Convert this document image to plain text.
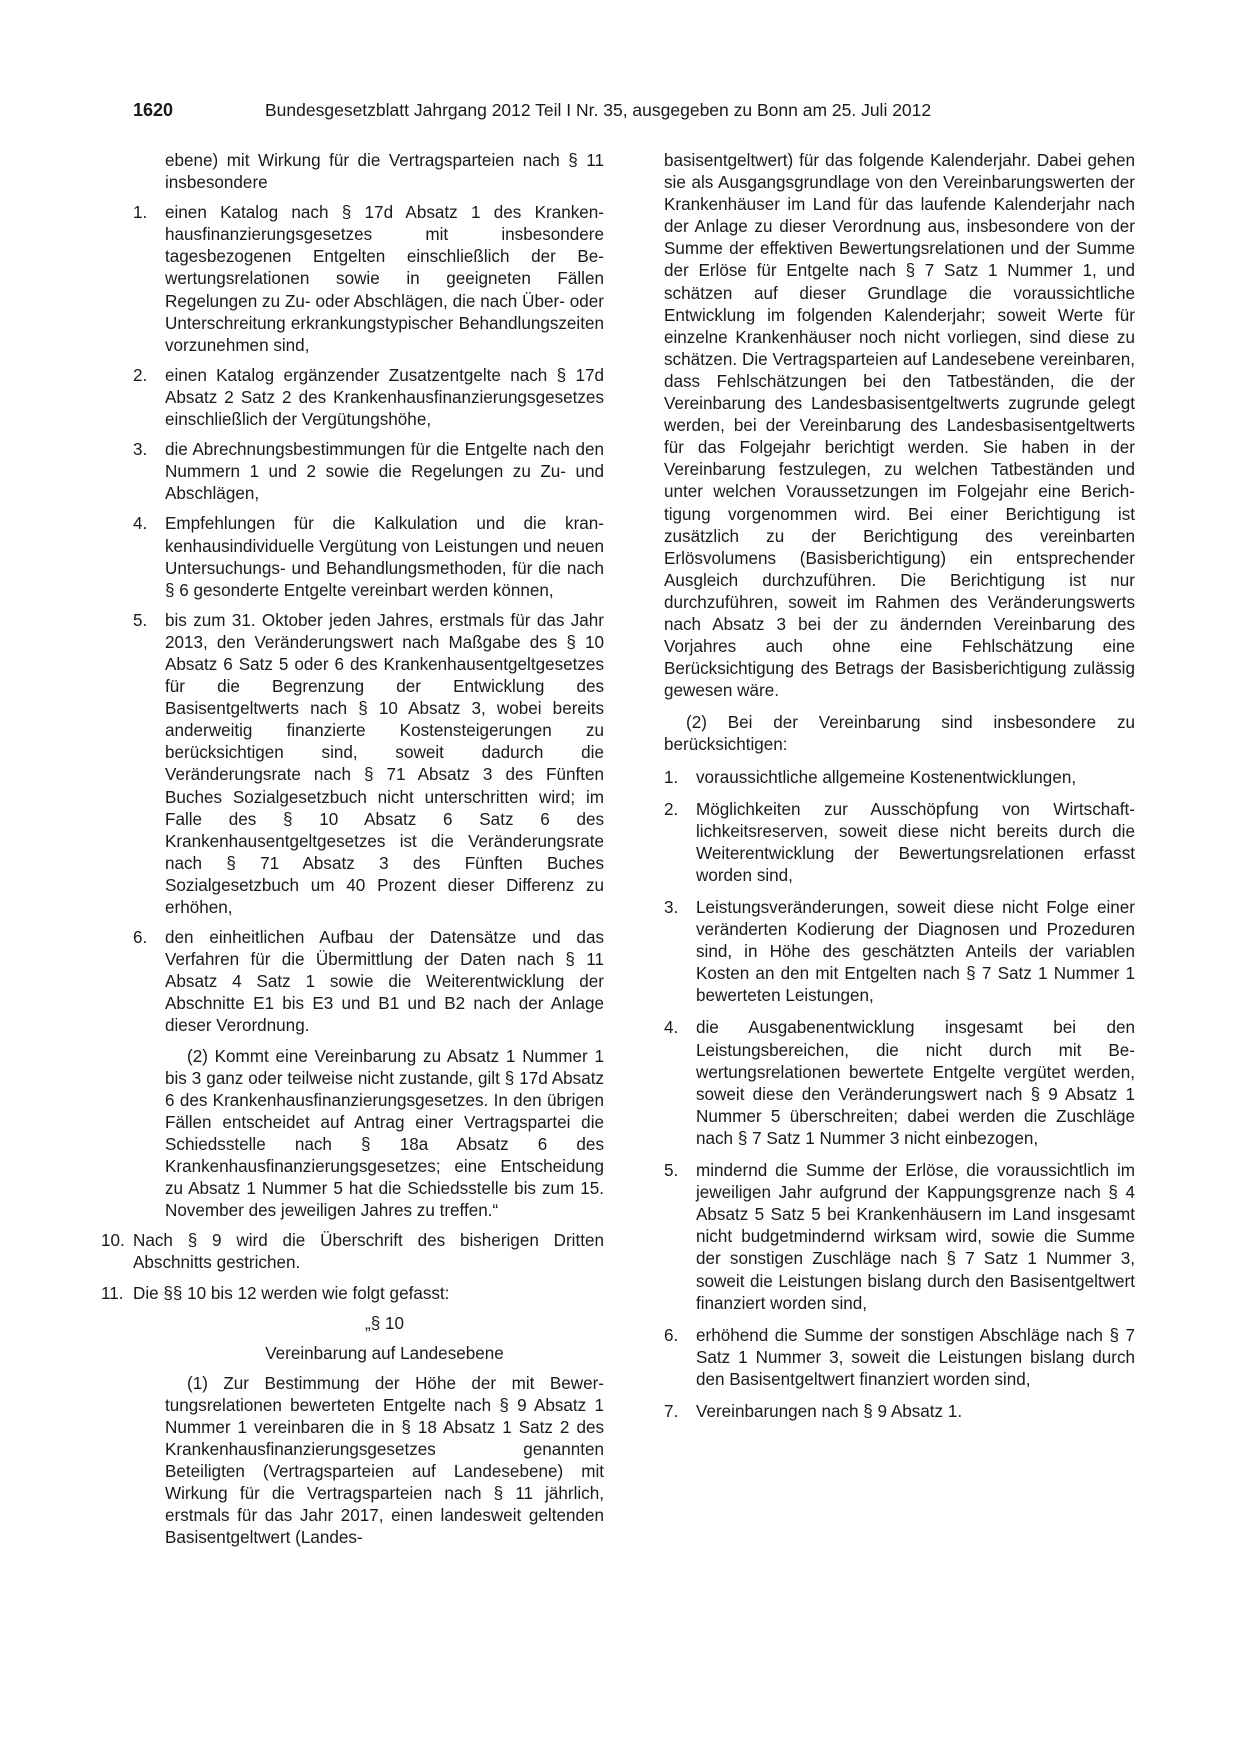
1620	Bundesgesetzblatt Jahrgang 2012 Teil I Nr. 35, ausgegeben zu Bonn am 25. Juli 2012

ebene) mit Wirkung für die Vertragsparteien nach § 11 insbesondere

1. einen Katalog nach § 17d Absatz 1 des Krankenhausfinanzierungsgesetzes mit insbesondere tagesbezogenen Entgelten einschließlich der Bewertungsrelationen sowie in geeigneten Fällen Regelungen zu Zu- oder Abschlägen, die nach Über- oder Unterschreitung erkrankungstypischer Behandlungszeiten vorzunehmen sind,

2. einen Katalog ergänzender Zusatzentgelte nach § 17d Absatz 2 Satz 2 des Krankenhausfinanzierungsgesetzes einschließlich der Vergütungshöhe,

3. die Abrechnungsbestimmungen für die Entgelte nach den Nummern 1 und 2 sowie die Regelungen zu Zu- und Abschlägen,

4. Empfehlungen für die Kalkulation und die krankenhausindividuelle Vergütung von Leistungen und neuen Untersuchungs- und Behandlungsmethoden, für die nach § 6 gesonderte Entgelte vereinbart werden können,

5. bis zum 31. Oktober jeden Jahres, erstmals für das Jahr 2013, den Veränderungswert nach Maßgabe des § 10 Absatz 6 Satz 5 oder 6 des Krankenhausentgeltgesetzes für die Begrenzung der Entwicklung des Basisentgeltwerts nach § 10 Absatz 3, wobei bereits anderweitig finanzierte Kostensteigerungen zu berücksichtigen sind, soweit dadurch die Veränderungsrate nach § 71 Absatz 3 des Fünften Buches Sozialgesetzbuch nicht unterschritten wird; im Falle des § 10 Absatz 6 Satz 6 des Krankenhausentgeltgesetzes ist die Veränderungsrate nach § 71 Absatz 3 des Fünften Buches Sozialgesetzbuch um 40 Prozent dieser Differenz zu erhöhen,

6. den einheitlichen Aufbau der Datensätze und das Verfahren für die Übermittlung der Daten nach § 11 Absatz 4 Satz 1 sowie die Weiterentwicklung der Abschnitte E1 bis E3 und B1 und B2 nach der Anlage dieser Verordnung.

(2) Kommt eine Vereinbarung zu Absatz 1 Nummer 1 bis 3 ganz oder teilweise nicht zustande, gilt § 17d Absatz 6 des Krankenhausfinanzierungsgesetzes. In den übrigen Fällen entscheidet auf Antrag einer Vertragspartei die Schiedsstelle nach § 18a Absatz 6 des Krankenhausfinanzierungsgesetzes; eine Entscheidung zu Absatz 1 Nummer 5 hat die Schiedsstelle bis zum 15. November des jeweiligen Jahres zu treffen.“

10. Nach § 9 wird die Überschrift des bisherigen Dritten Abschnitts gestrichen.

11. Die §§ 10 bis 12 werden wie folgt gefasst:

„§ 10

Vereinbarung auf Landesebene

(1) Zur Bestimmung der Höhe der mit Bewertungsrelationen bewerteten Entgelte nach § 9 Absatz 1 Nummer 1 vereinbaren die in § 18 Absatz 1 Satz 2 des Krankenhausfinanzierungsgesetzes genannten Beteiligten (Vertragsparteien auf Landesebene) mit Wirkung für die Vertragsparteien nach § 11 jährlich, erstmals für das Jahr 2017, einen landesweit geltenden Basisentgeltwert (Landes-

basisentgeltwert) für das folgende Kalenderjahr. Dabei gehen sie als Ausgangsgrundlage von den Vereinbarungswerten der Krankenhäuser im Land für das laufende Kalenderjahr nach der Anlage zu dieser Verordnung aus, insbesondere von der Summe der effektiven Bewertungsrelationen und der Summe der Erlöse für Entgelte nach § 7 Satz 1 Nummer 1, und schätzen auf dieser Grundlage die voraussichtliche Entwicklung im folgenden Kalenderjahr; soweit Werte für einzelne Krankenhäuser noch nicht vorliegen, sind diese zu schätzen. Die Vertragsparteien auf Landesebene vereinbaren, dass Fehlschätzungen bei den Tatbeständen, die der Vereinbarung des Landesbasisentgeltwerts zugrunde gelegt werden, bei der Vereinbarung des Landesbasisentgeltwerts für das Folgejahr berichtigt werden. Sie haben in der Vereinbarung festzulegen, zu welchen Tatbeständen und unter welchen Voraussetzungen im Folgejahr eine Berichtigung vorgenommen wird. Bei einer Berichtigung ist zusätzlich zu der Berichtigung des vereinbarten Erlösvolumens (Basisberichtigung) ein entsprechender Ausgleich durchzuführen. Die Berichtigung ist nur durchzuführen, soweit im Rahmen des Veränderungswerts nach Absatz 3 bei der zu ändernden Vereinbarung des Vorjahres auch ohne eine Fehlschätzung eine Berücksichtigung des Betrags der Basisberichtigung zulässig gewesen wäre.

(2) Bei der Vereinbarung sind insbesondere zu berücksichtigen:

1. voraussichtliche allgemeine Kostenentwicklungen,

2. Möglichkeiten zur Ausschöpfung von Wirtschaftlichkeitsreserven, soweit diese nicht bereits durch die Weiterentwicklung der Bewertungsrelationen erfasst worden sind,

3. Leistungsveränderungen, soweit diese nicht Folge einer veränderten Kodierung der Diagnosen und Prozeduren sind, in Höhe des geschätzten Anteils der variablen Kosten an den mit Entgelten nach § 7 Satz 1 Nummer 1 bewerteten Leistungen,

4. die Ausgabenentwicklung insgesamt bei den Leistungsbereichen, die nicht durch mit Bewertungsrelationen bewertete Entgelte vergütet werden, soweit diese den Veränderungswert nach § 9 Absatz 1 Nummer 5 überschreiten; dabei werden die Zuschläge nach § 7 Satz 1 Nummer 3 nicht einbezogen,

5. mindernd die Summe der Erlöse, die voraussichtlich im jeweiligen Jahr aufgrund der Kappungsgrenze nach § 4 Absatz 5 Satz 5 bei Krankenhäusern im Land insgesamt nicht budgetmindernd wirksam wird, sowie die Summe der sonstigen Zuschläge nach § 7 Satz 1 Nummer 3, soweit die Leistungen bislang durch den Basisentgeltwert finanziert worden sind,

6. erhöhend die Summe der sonstigen Abschläge nach § 7 Satz 1 Nummer 3, soweit die Leistungen bislang durch den Basisentgeltwert finanziert worden sind,

7. Vereinbarungen nach § 9 Absatz 1.
